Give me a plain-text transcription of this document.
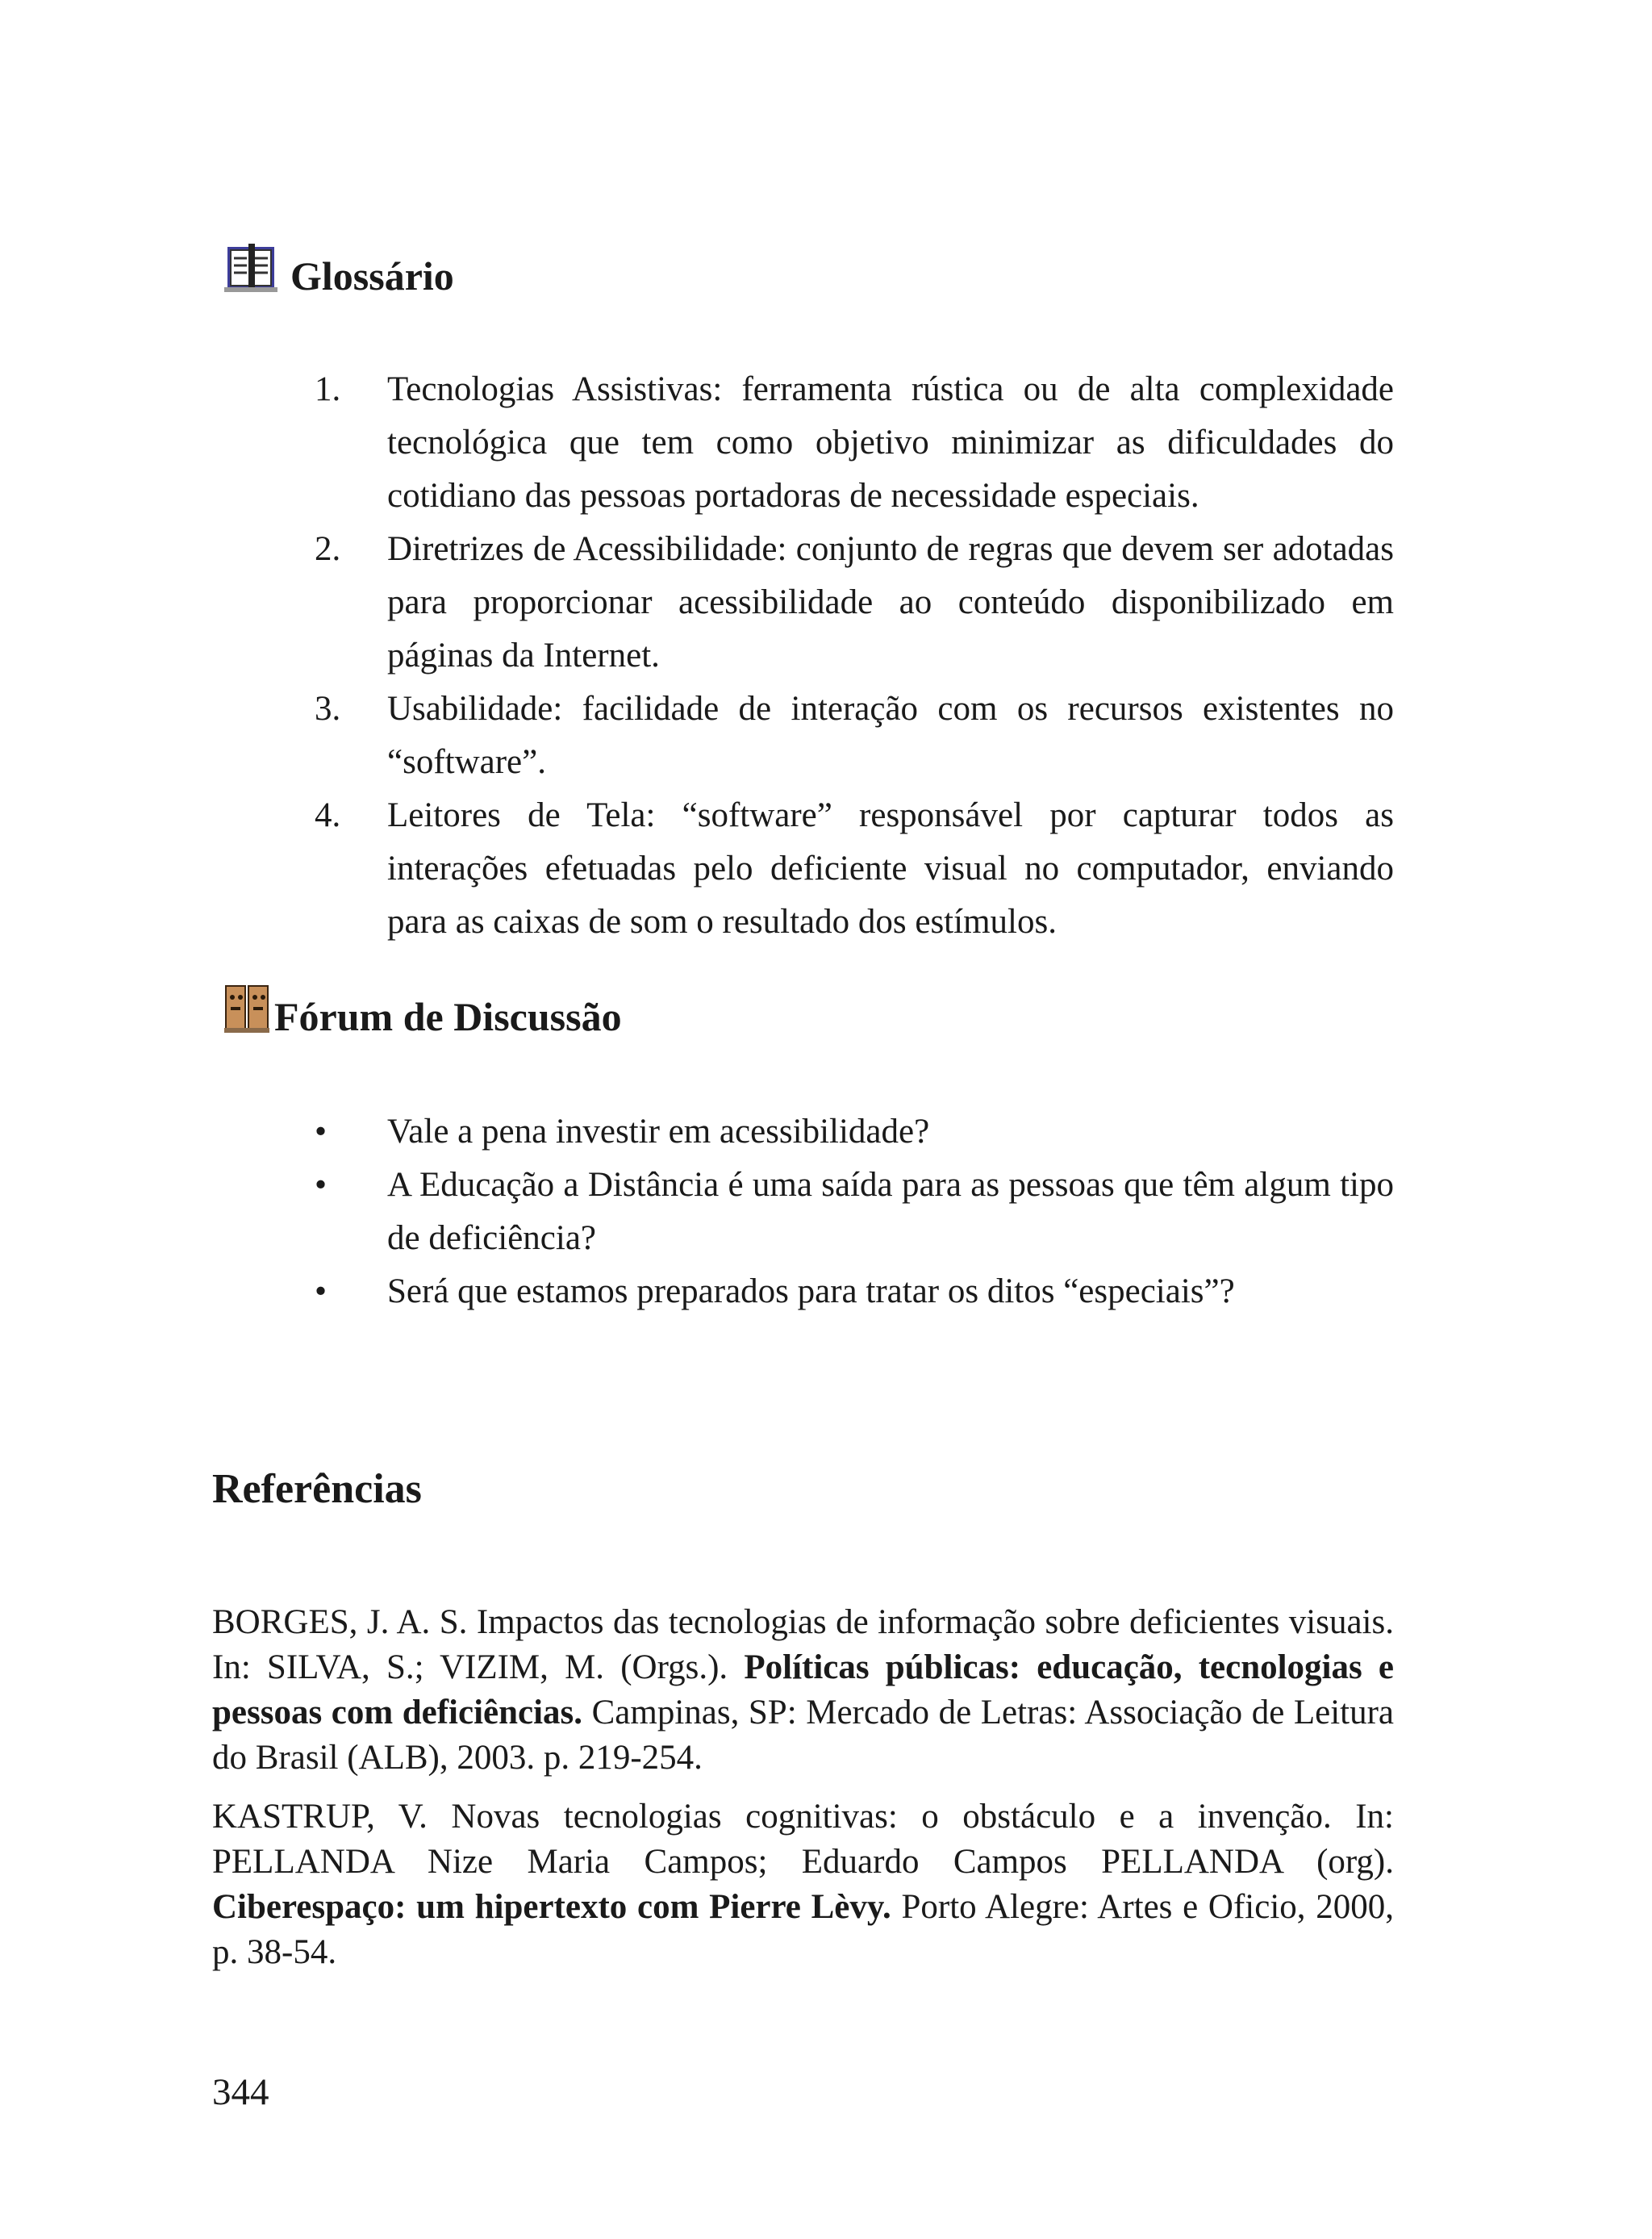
Glossário
1.	Tecnologias Assistivas: ferramenta rústica ou de alta complexidade tecnológica que tem como objetivo minimizar as dificuldades do cotidiano das pessoas portadoras de necessidade especiais.
2.	Diretrizes de Acessibilidade: conjunto de regras que devem ser adotadas para proporcionar acessibilidade ao conteúdo disponibilizado em páginas da Internet.
3.	Usabilidade: facilidade de interação com os recursos existentes no “software”.
4.	Leitores de Tela: “software” responsável por capturar todos as interações efetuadas pelo deficiente visual no computador, enviando para as caixas de som o resultado dos estímulos.
Fórum de Discussão
•	Vale a pena investir em acessibilidade?
•	A Educação a Distância é uma saída para as pessoas que têm algum tipo de deficiência?
•	Será que estamos preparados para tratar os ditos “especiais”?
Referências

BORGES, J. A. S. Impactos das tecnologias de informação sobre deficientes visuais. In: SILVA, S.; VIZIM, M. (Orgs.). Políticas públicas: educação, tecnologias e pessoas com deficiências. Campinas, SP: Mercado de Letras: Associação de Leitura do Brasil (ALB), 2003. p. 219-254.

KASTRUP, V. Novas tecnologias cognitivas: o obstáculo e a invenção. In: PELLANDA Nize Maria Campos; Eduardo Campos PELLANDA (org). Ciberespaço: um hipertexto com Pierre Lèvy. Porto Alegre: Artes e Oficio, 2000, p. 38-54.

344
